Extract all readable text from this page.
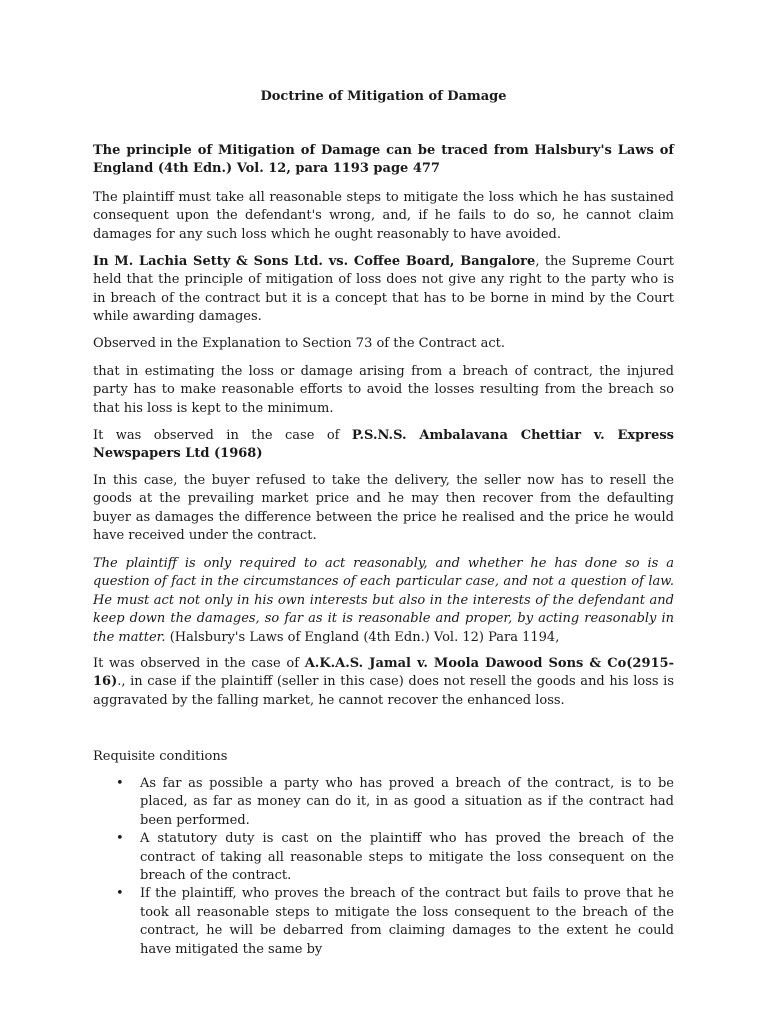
Doctrine of Mitigation of Damage

The principle of Mitigation of Damage can be traced from Halsbury's Laws of England (4th Edn.) Vol. 12, para 1193 page 477

The plaintiff must take all reasonable steps to mitigate the loss which he has sustained consequent upon the defendant's wrong, and, if he fails to do so, he cannot claim damages for any such loss which he ought reasonably to have avoided.

In M. Lachia Setty & Sons Ltd. vs. Coffee Board, Bangalore, the Supreme Court held that the principle of mitigation of loss does not give any right to the party who is in breach of the contract but it is a concept that has to be borne in mind by the Court while awarding damages.

Observed in the Explanation to Section 73 of the Contract act.

that in estimating the loss or damage arising from a breach of contract, the injured party has to make reasonable efforts to avoid the losses resulting from the breach so that his loss is kept to the minimum.

It was observed in the case of P.S.N.S. Ambalavana Chettiar v. Express Newspapers Ltd (1968)

In this case, the buyer refused to take the delivery, the seller now has to resell the goods at the prevailing market price and he may then recover from the defaulting buyer as damages the difference between the price he realised and the price he would have received under the contract.

The plaintiff is only required to act reasonably, and whether he has done so is a question of fact in the circumstances of each particular case, and not a question of law. He must act not only in his own interests but also in the interests of the defendant and keep down the damages, so far as it is reasonable and proper, by acting reasonably in the matter. (Halsbury's Laws of England (4th Edn.) Vol. 12) Para 1194,

It was observed in the case of A.K.A.S. Jamal v. Moola Dawood Sons & Co(2915-16)., in case if the plaintiff (seller in this case) does not resell the goods and his loss is aggravated by the falling market, he cannot recover the enhanced loss.

Requisite conditions

• As far as possible a party who has proved a breach of the contract, is to be placed, as far as money can do it, in as good a situation as if the contract had been performed.
• A statutory duty is cast on the plaintiff who has proved the breach of the contract of taking all reasonable steps to mitigate the loss consequent on the breach of the contract.
• If the plaintiff, who proves the breach of the contract but fails to prove that he took all reasonable steps to mitigate the loss consequent to the breach of the contract, he will be debarred from claiming damages to the extent he could have mitigated the same by
